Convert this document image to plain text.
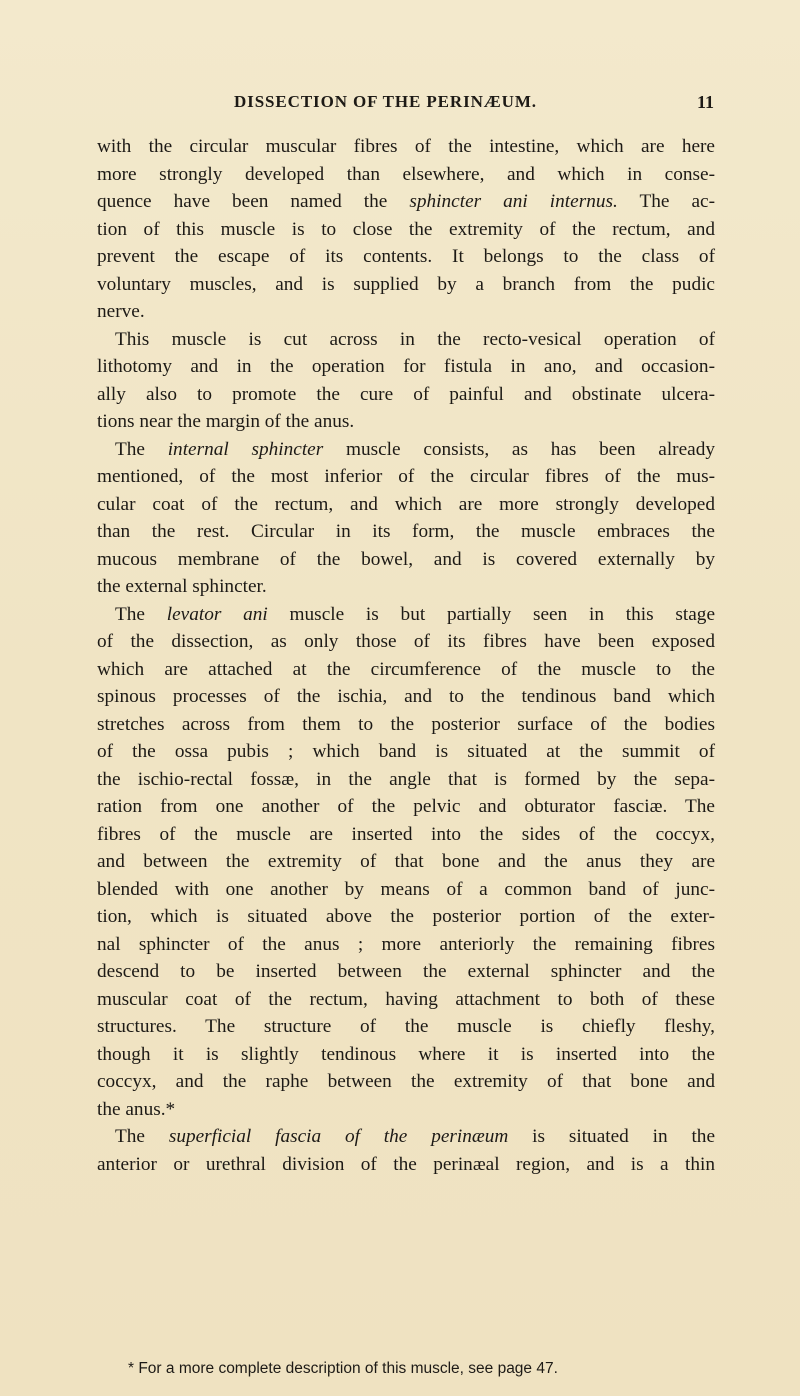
DISSECTION OF THE PERINÆUM.	11
with the circular muscular fibres of the intestine, which are here
more strongly developed than elsewhere, and which in conse-
quence have been named the sphincter ani internus. The ac-
tion of this muscle is to close the extremity of the rectum, and
prevent the escape of its contents. It belongs to the class of
voluntary muscles, and is supplied by a branch from the pudic
nerve.
This muscle is cut across in the recto-vesical operation of
lithotomy and in the operation for fistula in ano, and occasion-
ally also to promote the cure of painful and obstinate ulcera-
tions near the margin of the anus.
The internal sphincter muscle consists, as has been already
mentioned, of the most inferior of the circular fibres of the mus-
cular coat of the rectum, and which are more strongly developed
than the rest. Circular in its form, the muscle embraces the
mucous membrane of the bowel, and is covered externally by
the external sphincter.
The levator ani muscle is but partially seen in this stage
of the dissection, as only those of its fibres have been exposed
which are attached at the circumference of the muscle to the
spinous processes of the ischia, and to the tendinous band which
stretches across from them to the posterior surface of the bodies
of the ossa pubis ; which band is situated at the summit of
the ischio-rectal fossæ, in the angle that is formed by the sepa-
ration from one another of the pelvic and obturator fasciæ. The
fibres of the muscle are inserted into the sides of the coccyx,
and between the extremity of that bone and the anus they are
blended with one another by means of a common band of junc-
tion, which is situated above the posterior portion of the exter-
nal sphincter of the anus ; more anteriorly the remaining fibres
descend to be inserted between the external sphincter and the
muscular coat of the rectum, having attachment to both of these
structures. The structure of the muscle is chiefly fleshy,
though it is slightly tendinous where it is inserted into the
coccyx, and the raphe between the extremity of that bone and
the anus.*
The superficial fascia of the perinæum is situated in the
anterior or urethral division of the perinæal region, and is a thin
* For a more complete description of this muscle, see page 47.
